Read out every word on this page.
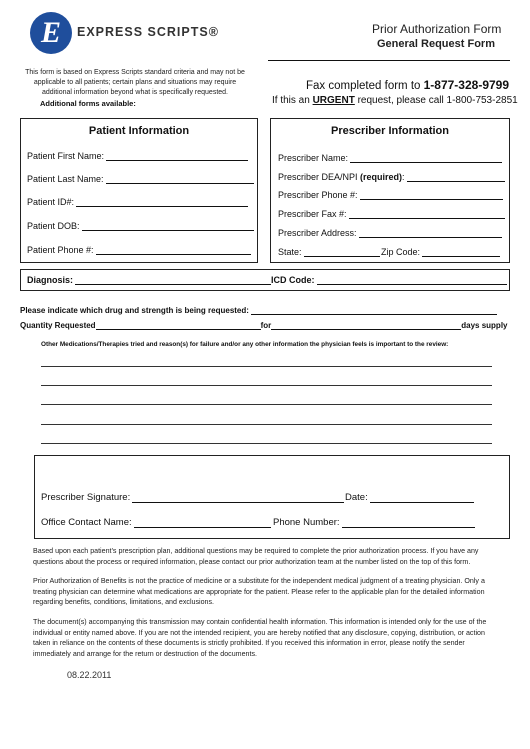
E	EXPRESS SCRIPTS®	Prior Authorization Form
General Request Form
This form is based on Express Scripts standard criteria and may not be applicable to all patients; certain plans and situations may require additional information beyond what is specifically requested.
Additional forms available:
Fax completed form to 1-877-328-9799
If this an URGENT request, please call 1-800-753-2851
Patient Information
Patient First Name:
Patient Last Name:
Patient ID#:
Patient DOB:
Patient Phone #:
Prescriber Information
Prescriber Name:
Prescriber DEA/NPI (required):
Prescriber Phone #:
Prescriber Fax #:
Prescriber Address:
State:	Zip Code:
Diagnosis:	ICD Code:
Please indicate which drug and strength is being requested:
Quantity Requested	for	days supply
Other Medications/Therapies tried and reason(s) for failure and/or any other information the physician feels is important to the review:
Prescriber Signature:	Date:
Office Contact Name:	Phone Number:
Based upon each patient’s prescription plan, additional questions may be required to complete the prior authorization process. If you have any questions about the process or required information, please contact our prior authorization team at the number listed on the top of this form.
Prior Authorization of Benefits is not the practice of medicine or a substitute for the independent medical judgment of a treating physician. Only a treating physician can determine what medications are appropriate for the patient. Please refer to the applicable plan for the detailed information regarding benefits, conditions, limitations, and exclusions.
The document(s) accompanying this transmission may contain confidential health information. This information is intended only for the use of the individual or entity named above. If you are not the intended recipient, you are hereby notified that any disclosure, copying, distribution, or action taken in reliance on the contents of these documents is strictly prohibited. If you received this information in error, please notify the sender immediately and arrange for the return or destruction of the documents.
08.22.2011
